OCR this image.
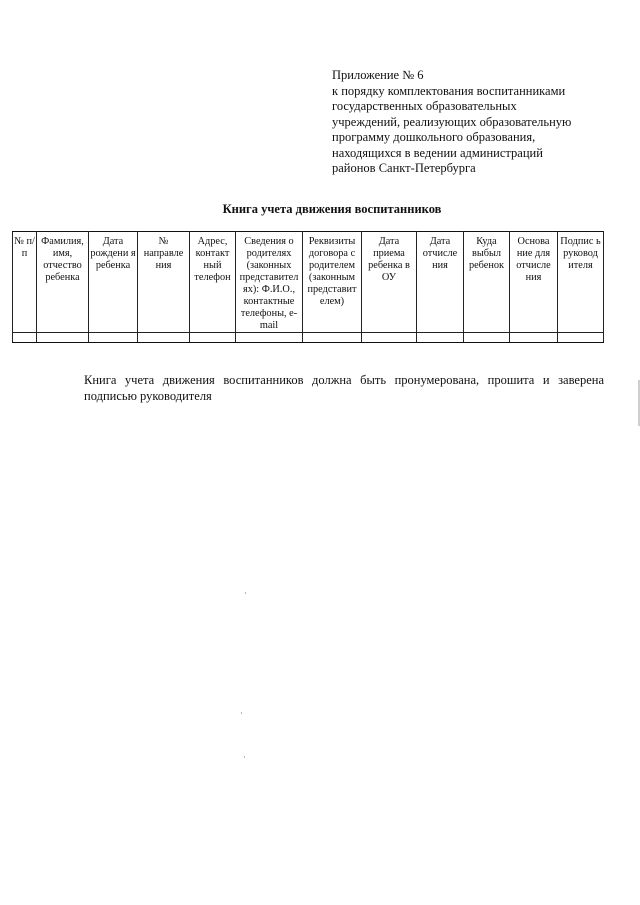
Приложение № 6
к порядку комплектования воспитанниками
государственных образовательных
учреждений, реализующих образовательную
программу дошкольного образования,
находящихся в ведении администраций
районов Санкт-Петербурга
Книга учета движения воспитанников
№ п/п	Фамилия, имя, отчество ребенка	Дата рождени я ребенка	№ направле ния	Адрес, контакт ный телефон	Сведения о родителях (законных представител ях): Ф.И.О., контактные телефоны, e-mail	Реквизиты договора с родителем (законным представит елем)	Дата приема ребенка в ОУ	Дата отчисле ния	Куда выбыл ребенок	Основа ние для отчисле ния	Подпис ь руковод ителя

Книга учета движения воспитанников должна быть пронумерована, прошита и заверена подписью руководителя
